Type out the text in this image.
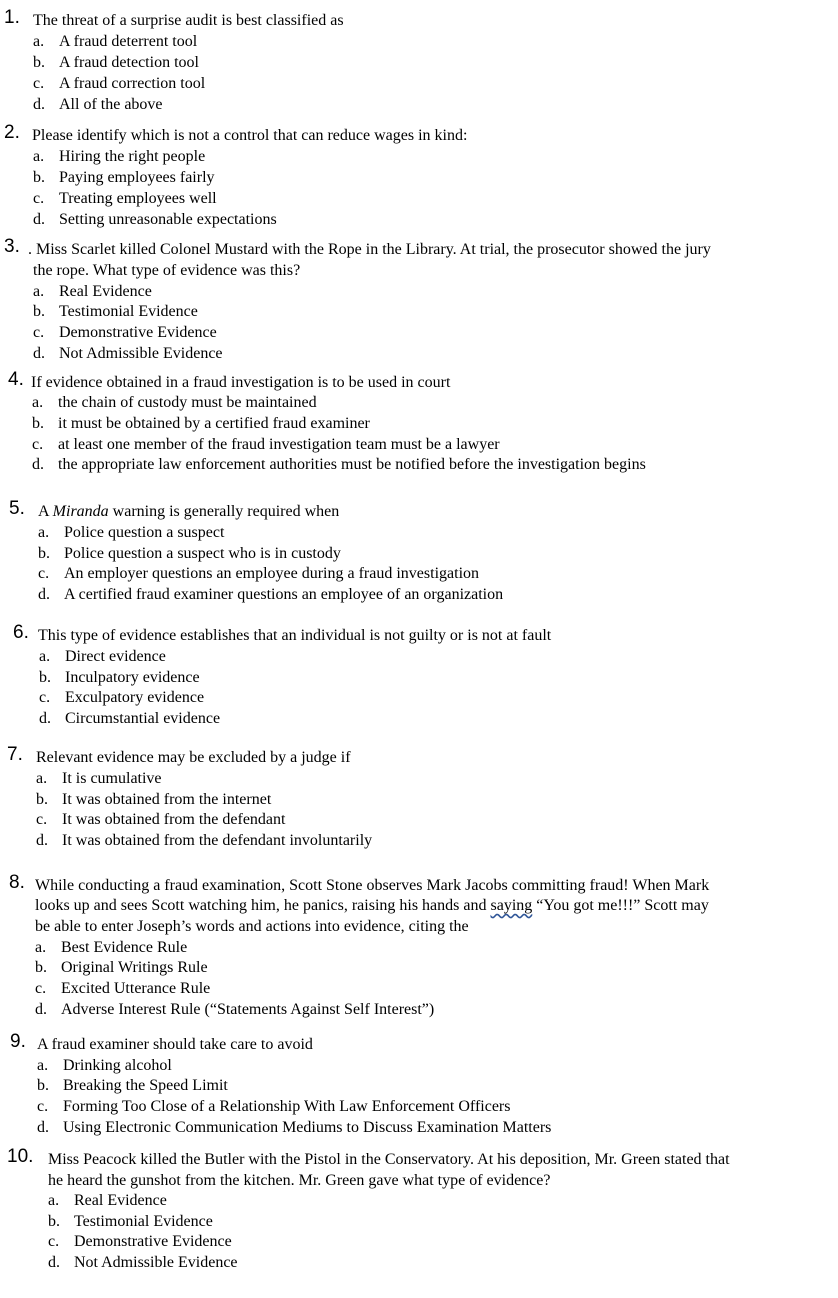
1. The threat of a surprise audit is best classified as
a. A fraud deterrent tool
b. A fraud detection tool
c. A fraud correction tool
d. All of the above
2. Please identify which is not a control that can reduce wages in kind:
a. Hiring the right people
b. Paying employees fairly
c. Treating employees well
d. Setting unreasonable expectations
3. . Miss Scarlet killed Colonel Mustard with the Rope in the Library. At trial, the prosecutor showed the jury
the rope. What type of evidence was this?
a. Real Evidence
b. Testimonial Evidence
c. Demonstrative Evidence
d. Not Admissible Evidence
4. If evidence obtained in a fraud investigation is to be used in court
a. the chain of custody must be maintained
b. it must be obtained by a certified fraud examiner
c. at least one member of the fraud investigation team must be a lawyer
d. the appropriate law enforcement authorities must be notified before the investigation begins
5. A Miranda warning is generally required when
a. Police question a suspect
b. Police question a suspect who is in custody
c. An employer questions an employee during a fraud investigation
d. A certified fraud examiner questions an employee of an organization
6. This type of evidence establishes that an individual is not guilty or is not at fault
a. Direct evidence
b. Inculpatory evidence
c. Exculpatory evidence
d. Circumstantial evidence
7. Relevant evidence may be excluded by a judge if
a. It is cumulative
b. It was obtained from the internet
c. It was obtained from the defendant
d. It was obtained from the defendant involuntarily
8. While conducting a fraud examination, Scott Stone observes Mark Jacobs committing fraud! When Mark
looks up and sees Scott watching him, he panics, raising his hands and saying “You got me!!!” Scott may
be able to enter Joseph’s words and actions into evidence, citing the
a. Best Evidence Rule
b. Original Writings Rule
c. Excited Utterance Rule
d. Adverse Interest Rule (“Statements Against Self Interest”)
9. A fraud examiner should take care to avoid
a. Drinking alcohol
b. Breaking the Speed Limit
c. Forming Too Close of a Relationship With Law Enforcement Officers
d. Using Electronic Communication Mediums to Discuss Examination Matters
10. Miss Peacock killed the Butler with the Pistol in the Conservatory. At his deposition, Mr. Green stated that
he heard the gunshot from the kitchen. Mr. Green gave what type of evidence?
a. Real Evidence
b. Testimonial Evidence
c. Demonstrative Evidence
d. Not Admissible Evidence
